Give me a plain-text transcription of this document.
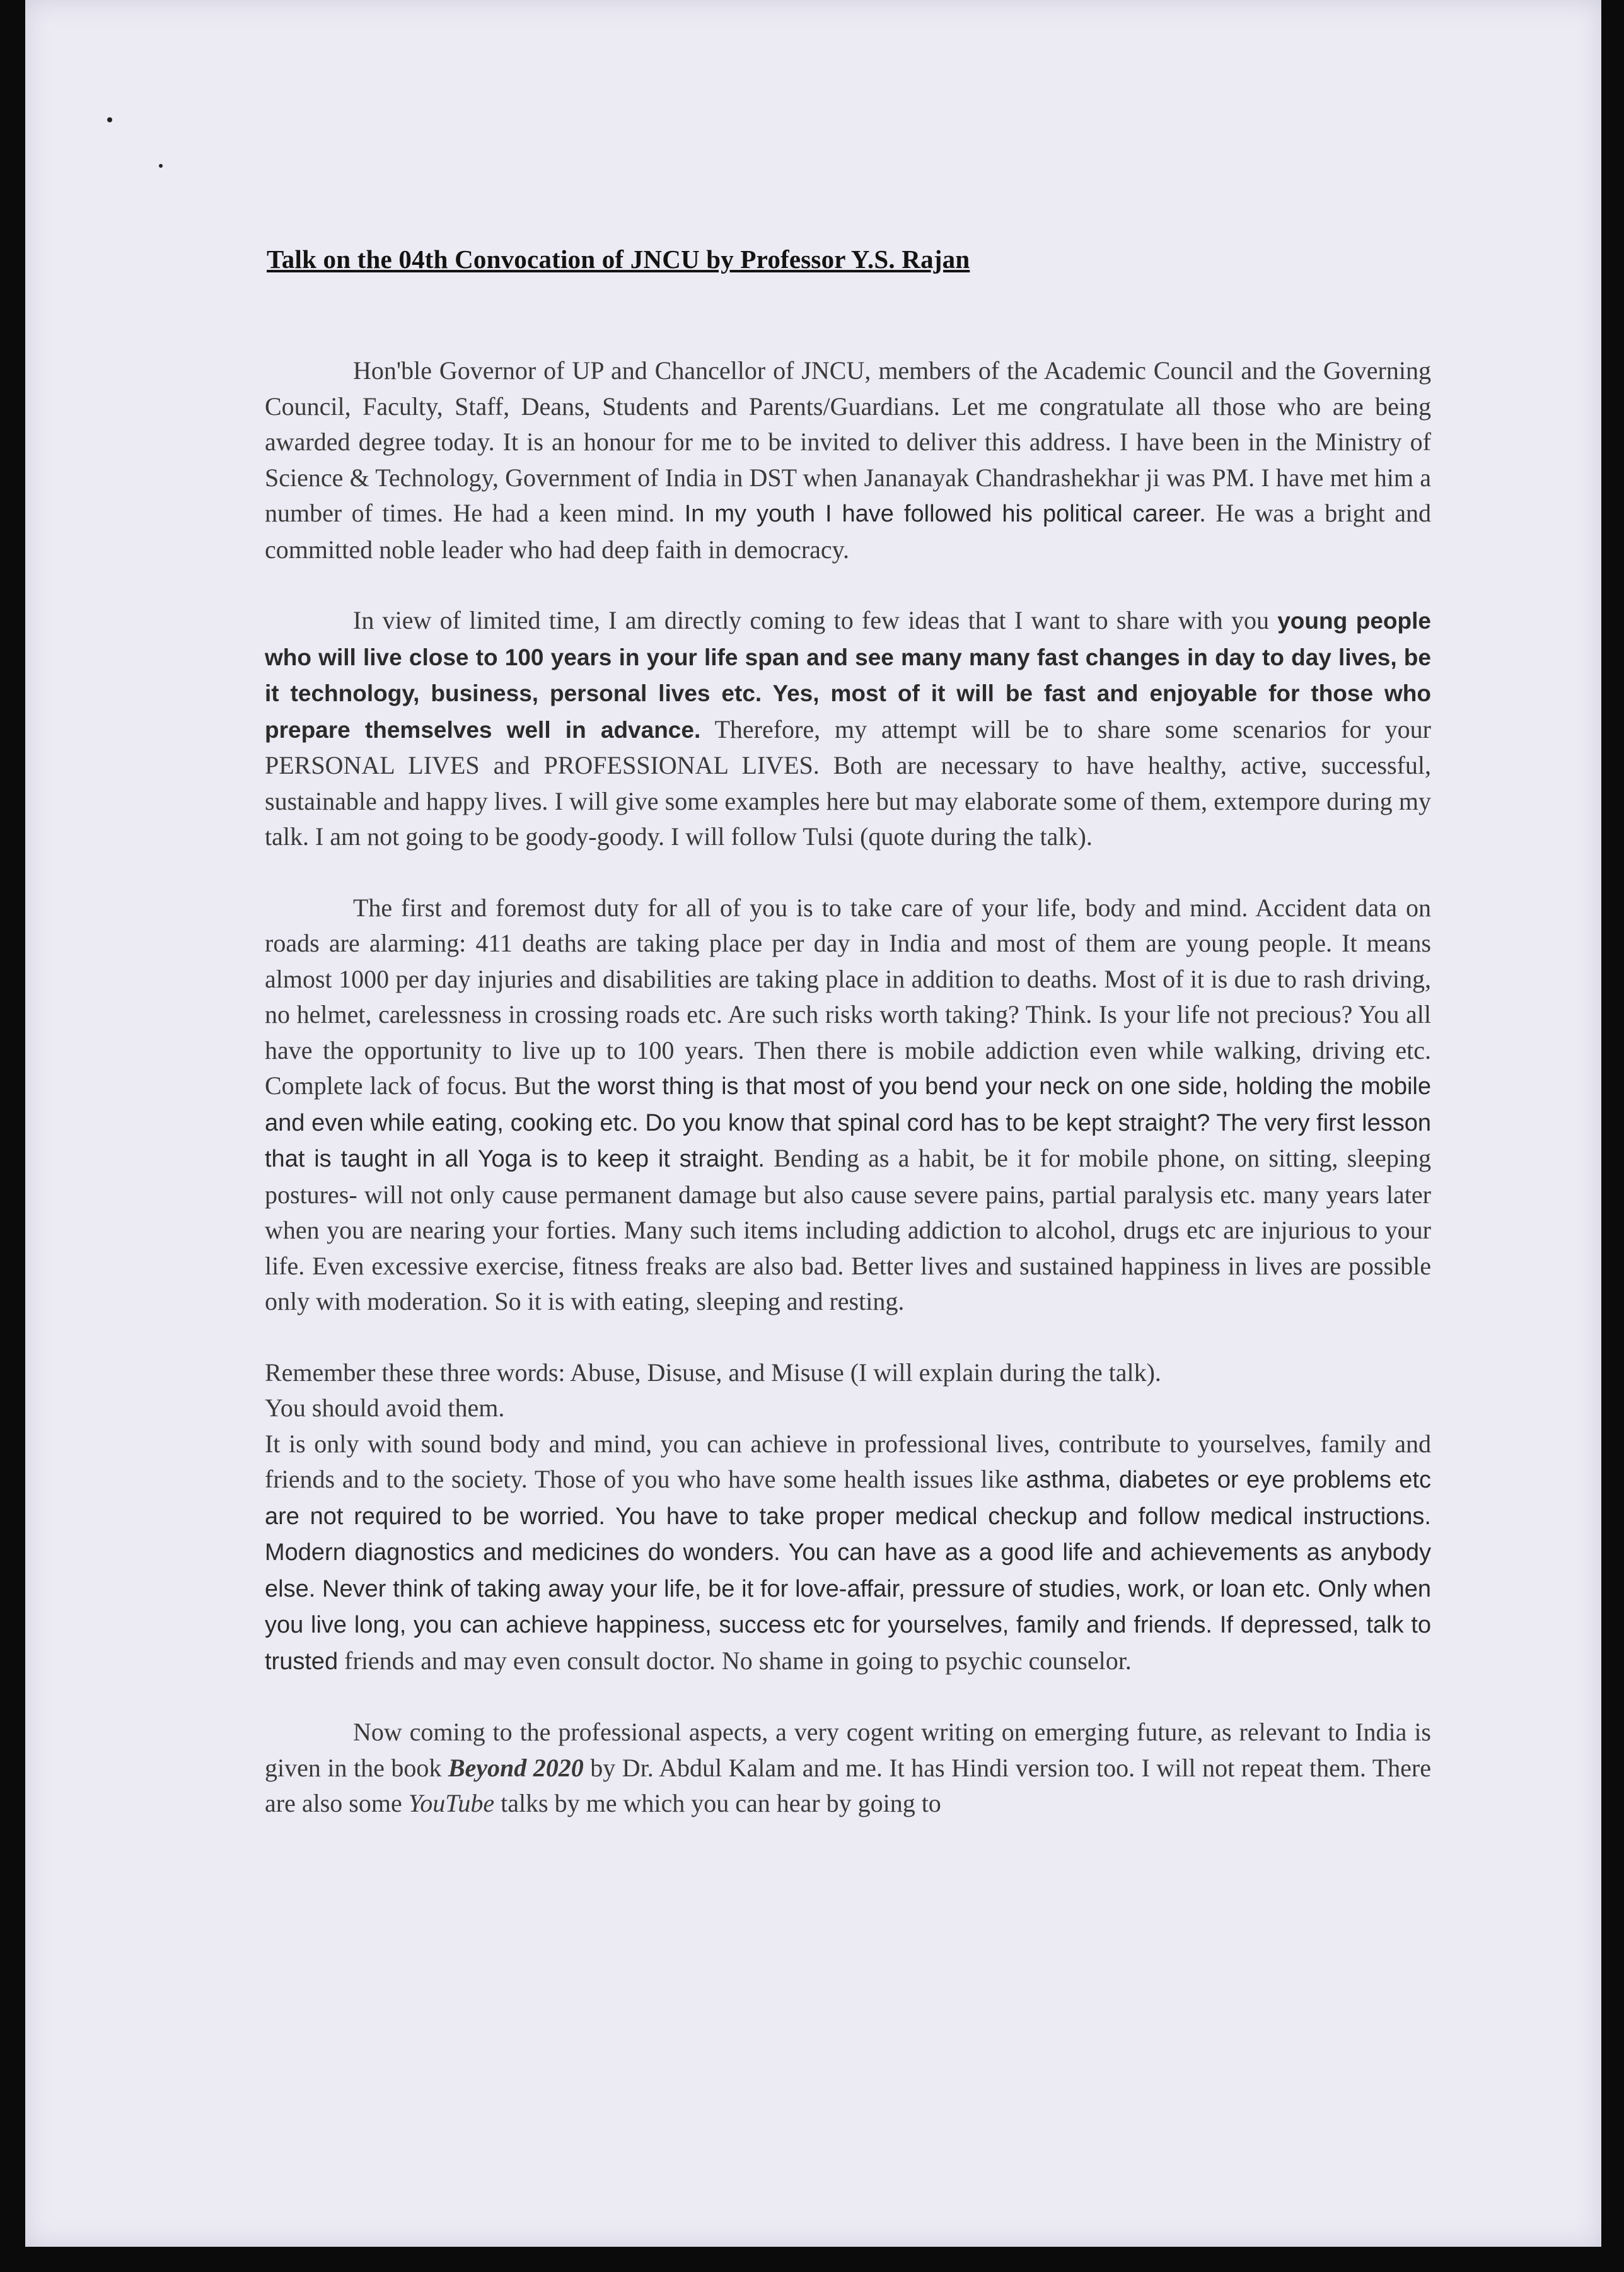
Talk on the 04th Convocation of JNCU by Professor Y.S. Rajan

Hon'ble Governor of UP and Chancellor of JNCU, members of the Academic Council and the Governing Council, Faculty, Staff, Deans, Students and Parents/Guardians. Let me congratulate all those who are being awarded degree today. It is an honour for me to be invited to deliver this address. I have been in the Ministry of Science & Technology, Government of India in DST when Jananayak Chandrashekhar ji was PM. I have met him a number of times. He had a keen mind. In my youth I have followed his political career. He was a bright and committed noble leader who had deep faith in democracy.

In view of limited time, I am directly coming to few ideas that I want to share with you young people who will live close to 100 years in your life span and see many many fast changes in day to day lives, be it technology, business, personal lives etc. Yes, most of it will be fast and enjoyable for those who prepare themselves well in advance. Therefore, my attempt will be to share some scenarios for your PERSONAL LIVES and PROFESSIONAL LIVES. Both are necessary to have healthy, active, successful, sustainable and happy lives. I will give some examples here but may elaborate some of them, extempore during my talk. I am not going to be goody-goody. I will follow Tulsi (quote during the talk).

The first and foremost duty for all of you is to take care of your life, body and mind. Accident data on roads are alarming: 411 deaths are taking place per day in India and most of them are young people. It means almost 1000 per day injuries and disabilities are taking place in addition to deaths. Most of it is due to rash driving, no helmet, carelessness in crossing roads etc. Are such risks worth taking? Think. Is your life not precious? You all have the opportunity to live up to 100 years. Then there is mobile addiction even while walking, driving etc. Complete lack of focus. But the worst thing is that most of you bend your neck on one side, holding the mobile and even while eating, cooking etc. Do you know that spinal cord has to be kept straight? The very first lesson that is taught in all Yoga is to keep it straight. Bending as a habit, be it for mobile phone, on sitting, sleeping postures- will not only cause permanent damage but also cause severe pains, partial paralysis etc. many years later when you are nearing your forties. Many such items including addiction to alcohol, drugs etc are injurious to your life. Even excessive exercise, fitness freaks are also bad. Better lives and sustained happiness in lives are possible only with moderation. So it is with eating, sleeping and resting.

Remember these three words: Abuse, Disuse, and Misuse (I will explain during the talk).

You should avoid them.

It is only with sound body and mind, you can achieve in professional lives, contribute to yourselves, family and friends and to the society. Those of you who have some health issues like asthma, diabetes or eye problems etc are not required to be worried. You have to take proper medical checkup and follow medical instructions. Modern diagnostics and medicines do wonders. You can have as a good life and achievements as anybody else. Never think of taking away your life, be it for love-affair, pressure of studies, work, or loan etc. Only when you live long, you can achieve happiness, success etc for yourselves, family and friends. If depressed, talk to trusted friends and may even consult doctor. No shame in going to psychic counselor.

Now coming to the professional aspects, a very cogent writing on emerging future, as relevant to India is given in the book Beyond 2020 by Dr. Abdul Kalam and me. It has Hindi version too. I will not repeat them. There are also some YouTube talks by me which you can hear by going to
